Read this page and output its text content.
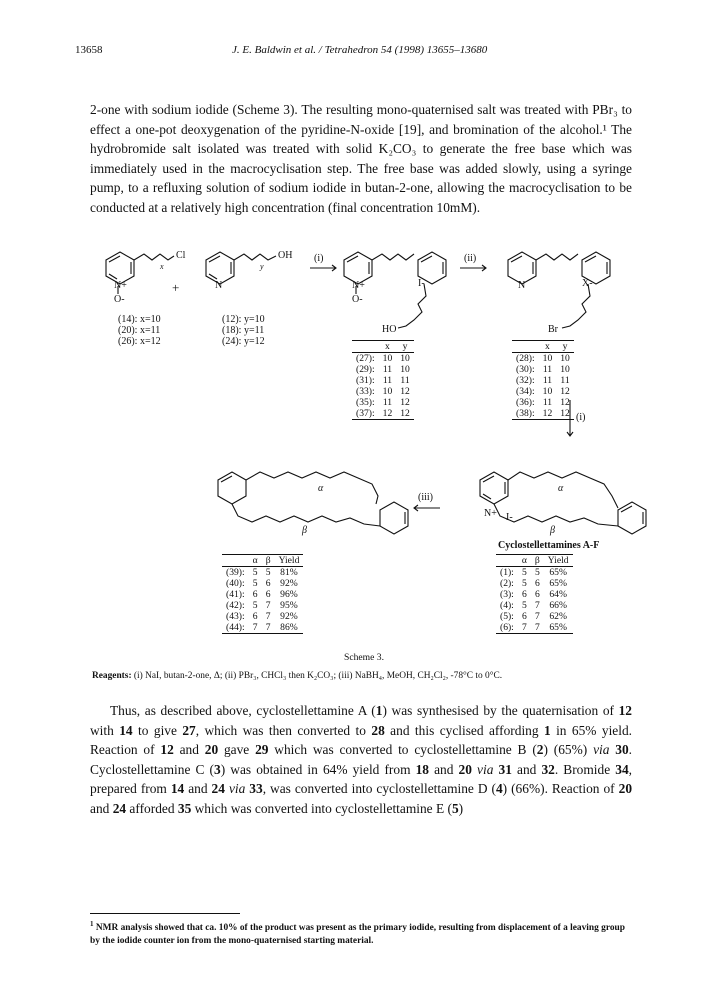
13658	J. E. Baldwin et al. / Tetrahedron 54 (1998) 13655–13680

2-one with sodium iodide (Scheme 3). The resulting mono-quaternised salt was treated with PBr₃ to effect a one-pot deoxygenation of the pyridine-N-oxide [19], and bromination of the alcohol.¹ The hydrobromide salt isolated was treated with solid K₂CO₃ to generate the free base which was immediately used in the macrocyclisation step. The free base was added slowly, using a syringe pump, to a refluxing solution of sodium iodide in butan-2-one, allowing the macrocyclisation to be conducted at a relatively high concentration (final concentration 10mM).

Cl
x
N+
O-
+
OH
y
N
(i)
N+
O-
I-
HO
(ii)
N	X-
Br
(i)
(iii)
α
β
α
β
N+ I-
(14): x=10
(20): x=11
(26): x=12
(12): y=10
(18): y=11
(24): y=12
		x	y
(27):	10	10
(29):	11	10
(31):	11	11
(33):	10	12
(35):	11	12
(37):	12	12
	x	y
(28):	10	10
(30):	11	10
(32):	11	11
(34):	10	12
(36):	11	12
(38):	12	12
Cyclostellettamines A-F
	α	β	Yield
(39):	5	5	81%
(40):	5	6	92%
(41):	6	6	96%
(42):	5	7	95%
(43):	6	7	92%
(44):	7	7	86%
	α	β	Yield
(1):	5	5	65%
(2):	5	6	65%
(3):	6	6	64%
(4):	5	7	66%
(5):	6	7	62%
(6):	7	7	65%
Scheme 3.
Reagents: (i) NaI, butan-2-one, Δ; (ii) PBr₃, CHCl₃ then K₂CO₃; (iii) NaBH₄, MeOH, CH₂Cl₂, -78°C to 0°C.

Thus, as described above, cyclostellettamine A (1) was synthesised by the quaternisation of 12 with 14 to give 27, which was then converted to 28 and this cyclised affording 1 in 65% yield. Reaction of 12 and 20 gave 29 which was converted to cyclostellettamine B (2) (65%) via 30. Cyclostellettamine C (3) was obtained in 64% yield from 18 and 20 via 31 and 32. Bromide 34, prepared from 14 and 24 via 33, was converted into cyclostellettamine D (4) (66%). Reaction of 20 and 24 afforded 35 which was converted into cyclostellettamine E (5)

$^1$ NMR analysis showed that ca. 10% of the product was present as the primary iodide, resulting from displacement of a leaving group by the iodide counter ion from the mono-quaternised starting material.
